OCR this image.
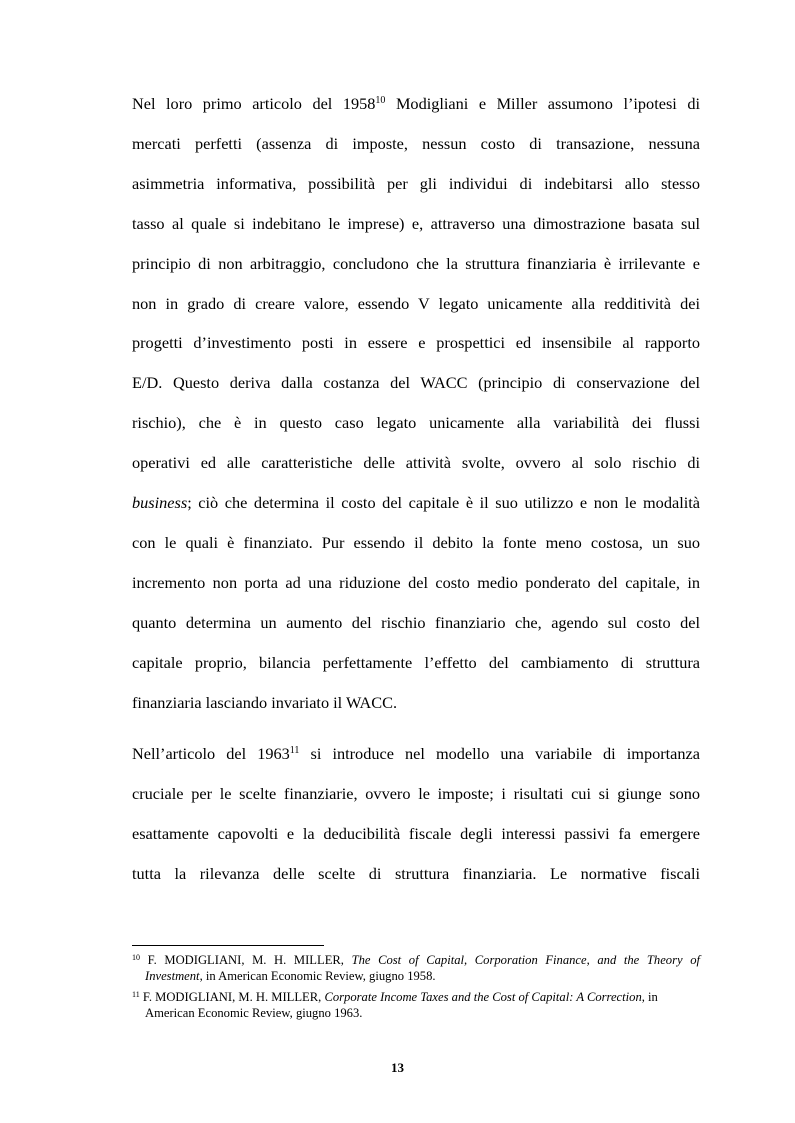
Nel loro primo articolo del 1958$^{10}$ Modigliani e Miller assumono l’ipotesi di
mercati perfetti (assenza di imposte, nessun costo di transazione, nessuna
asimmetria informativa, possibilità per gli individui di indebitarsi allo stesso
tasso al quale si indebitano le imprese) e, attraverso una dimostrazione basata sul
principio di non arbitraggio, concludono che la struttura finanziaria è irrilevante e
non in grado di creare valore, essendo V legato unicamente alla redditività dei
progetti d’investimento posti in essere e prospettici ed insensibile al rapporto
E/D. Questo deriva dalla costanza del WACC (principio di conservazione del
rischio), che è in questo caso legato unicamente alla variabilità dei flussi
operativi ed alle caratteristiche delle attività svolte, ovvero al solo rischio di
business; ciò che determina il costo del capitale è il suo utilizzo e non le modalità
con le quali è finanziato. Pur essendo il debito la fonte meno costosa, un suo
incremento non porta ad una riduzione del costo medio ponderato del capitale, in
quanto determina un aumento del rischio finanziario che, agendo sul costo del
capitale proprio, bilancia perfettamente l’effetto del cambiamento di struttura
finanziaria lasciando invariato il WACC.

Nell’articolo del 1963$^{11}$ si introduce nel modello una variabile di importanza
cruciale per le scelte finanziarie, ovvero le imposte; i risultati cui si giunge sono
esattamente capovolti e la deducibilità fiscale degli interessi passivi fa emergere
tutta la rilevanza delle scelte di struttura finanziaria. Le normative fiscali

$^{10}$ F. MODIGLIANI, M. H. MILLER, The Cost of Capital, Corporation Finance, and the Theory of
Investment, in American Economic Review, giugno 1958.

$^{11}$ F. MODIGLIANI, M. H. MILLER, Corporate Income Taxes and the Cost of Capital: A Correction, in
American Economic Review, giugno 1963.

13
